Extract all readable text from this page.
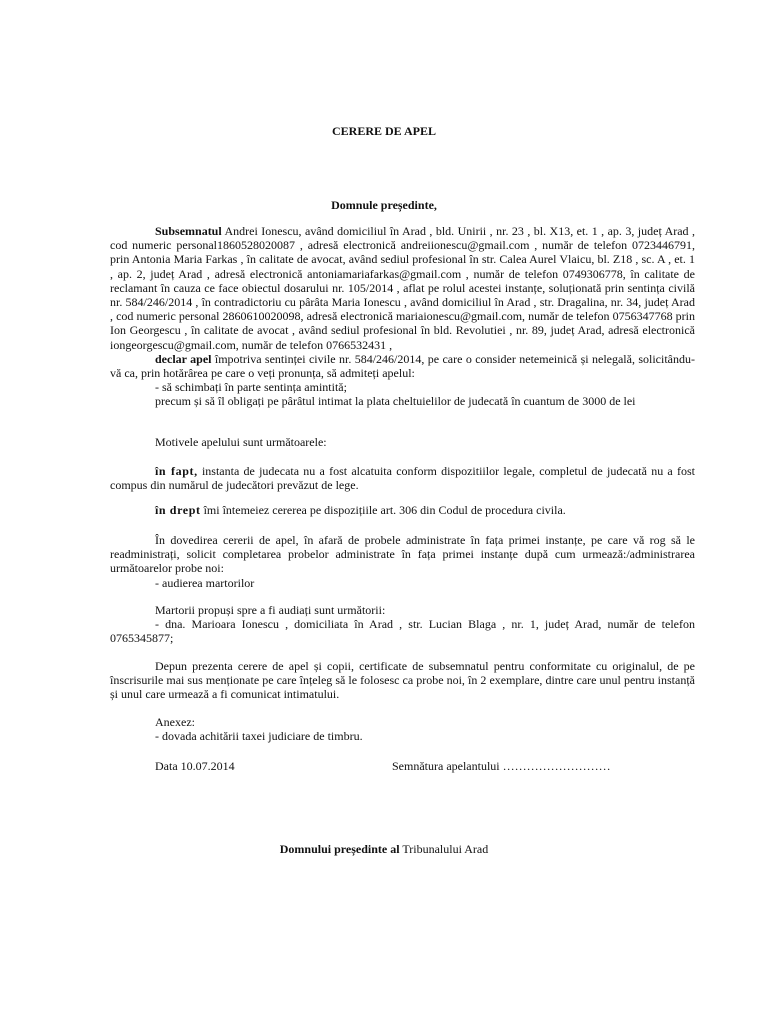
CERERE DE APEL
Domnule președinte,

Subsemnatul Andrei Ionescu, având domiciliul în Arad , bld. Unirii , nr. 23 , bl. X13, et. 1 , ap. 3, județ Arad , cod numeric personal1860528020087 , adresă electronică andreiionescu@gmail.com , număr de telefon 0723446791, prin Antonia Maria Farkas , în calitate de avocat, având sediul profesional în str. Calea Aurel Vlaicu, bl. Z18 , sc. A , et. 1 , ap. 2, județ Arad , adresă electronică antoniamariafarkas@gmail.com , număr de telefon 0749306778, în calitate de reclamant în cauza ce face obiectul dosarului nr. 105/2014 , aflat pe rolul acestei instanțe, soluționată prin sentința civilă nr. 584/246/2014 , în contradictoriu cu pârâta Maria Ionescu , având domiciliul în Arad , str. Dragalina, nr. 34, județ Arad , cod numeric personal 2860610020098, adresă electronică mariaionescu@gmail.com, număr de telefon 0756347768 prin Ion Georgescu , în calitate de avocat , având sediul profesional în bld. Revolutiei , nr. 89, județ Arad, adresă electronică iongeorgescu@gmail.com, număr de telefon 0766532431 ,

declar apel împotriva sentinței civile nr. 584/246/2014, pe care o consider netemeinică și nelegală, solicitându-vă ca, prin hotărârea pe care o veți pronunța, să admiteți apelul:

- să schimbați în parte sentința amintită;

precum și să îl obligați pe pârâtul intimat la plata cheltuielilor de judecată în cuantum de 3000 de lei

Motivele apelului sunt următoarele:

în fapt, instanta de judecata nu a fost alcatuita conform dispozitiilor legale, completul de judecată nu a fost compus din numărul de judecători prevăzut de lege.

în drept îmi întemeiez cererea pe dispozițiile art. 306 din Codul de procedura civila.

În dovedirea cererii de apel, în afară de probele administrate în fața primei instanțe, pe care vă rog să le readministrați, solicit completarea probelor administrate în fața primei instanțe după cum urmează:/administrarea următoarelor probe noi:

- audierea martorilor

Martorii propuși spre a fi audiați sunt următorii:

- dna. Marioara Ionescu , domiciliata în Arad , str. Lucian Blaga , nr. 1, județ Arad, număr de telefon 0765345877;

Depun prezenta cerere de apel și copii, certificate de subsemnatul pentru conformitate cu originalul, de pe înscrisurile mai sus menționate pe care înțeleg să le folosesc ca probe noi, în 2 exemplare, dintre care unul pentru instanță și unul care urmează a fi comunicat intimatului.

Anexez:

- dovada achitării taxei judiciare de timbru.

Data 10.07.2014	Semnătura apelantului ………………………
Domnului președinte al Tribunalului Arad
